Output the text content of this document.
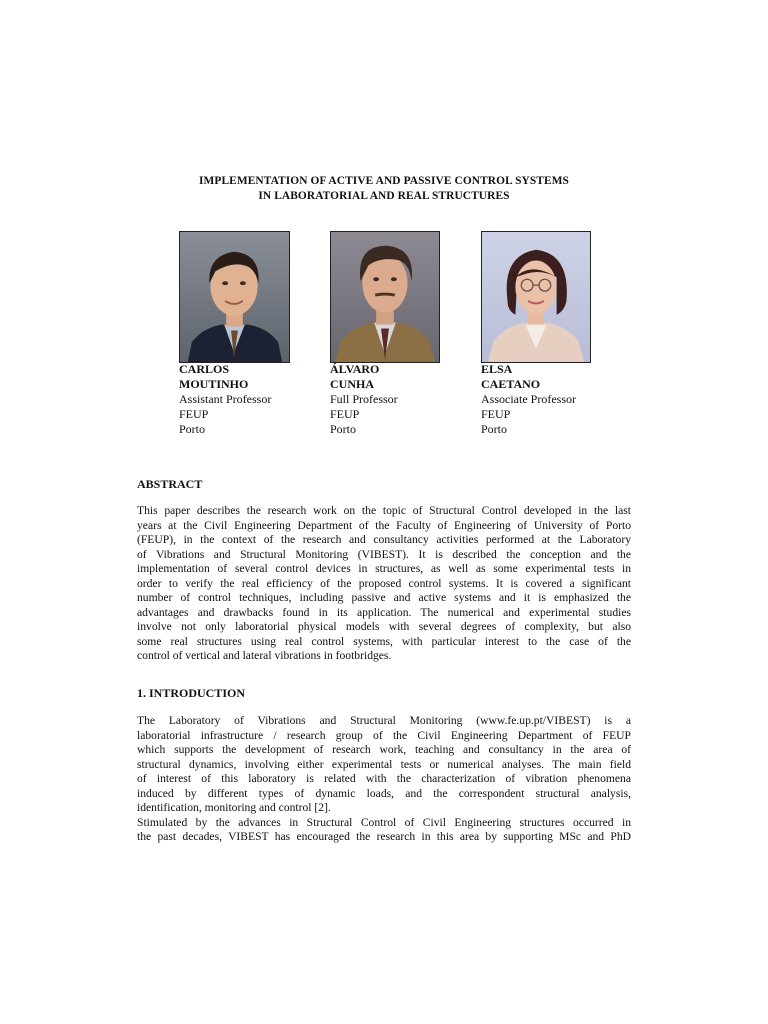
IMPLEMENTATION OF ACTIVE AND PASSIVE CONTROL SYSTEMS
IN LABORATORIAL AND REAL STRUCTURES
CARLOS
MOUTINHO
Assistant Professor
FEUP
Porto
ÁLVARO
CUNHA
Full Professor
FEUP
Porto
ELSA
CAETANO
Associate Professor
FEUP
Porto
ABSTRACT
This paper describes the research work on the topic of Structural Control developed in the last
years at the Civil Engineering Department of the Faculty of Engineering of University of Porto
(FEUP), in the context of the research and consultancy activities performed at the Laboratory
of Vibrations and Structural Monitoring (VIBEST). It is described the conception and the
implementation of several control devices in structures, as well as some experimental tests in
order to verify the real efficiency of the proposed control systems. It is covered a significant
number of control techniques, including passive and active systems and it is emphasized the
advantages and drawbacks found in its application. The numerical and experimental studies
involve not only laboratorial physical models with several degrees of complexity, but also
some real structures using real control systems, with particular interest to the case of the
control of vertical and lateral vibrations in footbridges.
1. INTRODUCTION
The Laboratory of Vibrations and Structural Monitoring (www.fe.up.pt/VIBEST) is a
laboratorial infrastructure / research group of the Civil Engineering Department of FEUP
which supports the development of research work, teaching and consultancy in the area of
structural dynamics, involving either experimental tests or numerical analyses. The main field
of interest of this laboratory is related with the characterization of vibration phenomena
induced by different types of dynamic loads, and the correspondent structural analysis,
identification, monitoring and control [2].
Stimulated by the advances in Structural Control of Civil Engineering structures occurred in
the past decades, VIBEST has encouraged the research in this area by supporting MSc and PhD
